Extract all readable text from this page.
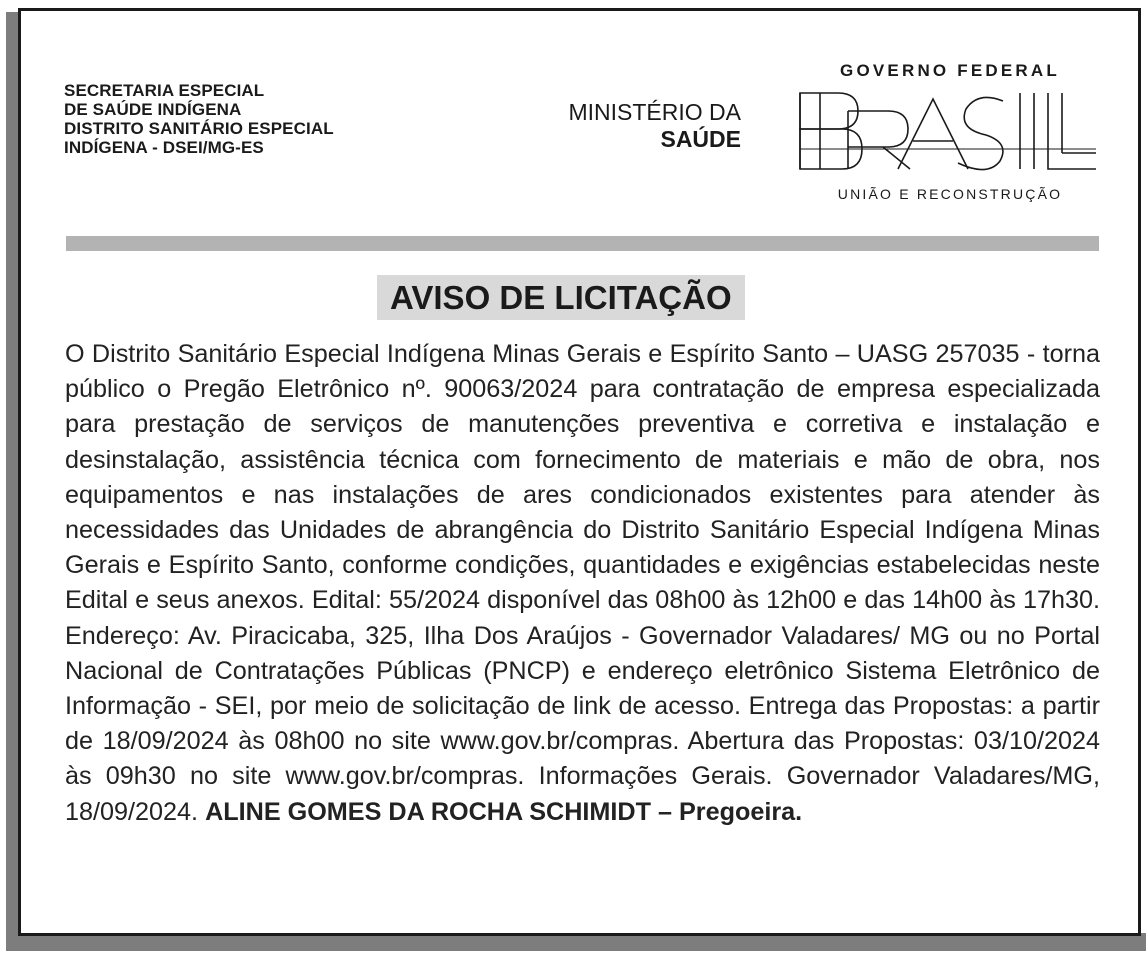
SECRETARIA ESPECIAL
DE SAÚDE INDÍGENA
DISTRITO SANITÁRIO ESPECIAL
INDÍGENA - DSEI/MG-ES
MINISTÉRIO DA
SAÚDE
GOVERNO FEDERAL
UNIÃO E RECONSTRUÇÃO
AVISO DE LICITAÇÃO
O Distrito Sanitário Especial Indígena Minas Gerais e Espírito Santo – UASG 257035 - torna público o Pregão Eletrônico nº. 90063/2024 para contratação de empresa especializada para prestação de serviços de manutenções preventiva e corretiva e instalação e desinstalação, assistência técnica com fornecimento de materiais e mão de obra, nos equipamentos e nas instalações de ares condicionados existentes para atender às necessidades das Unidades de abrangência do Distrito Sanitário Especial Indígena Minas Gerais e Espírito Santo, conforme condições, quantidades e exigências estabelecidas neste Edital e seus anexos. Edital: 55/2024 disponível das 08h00 às 12h00 e das 14h00 às 17h30. Endereço: Av. Piracicaba, 325, Ilha Dos Araújos - Governador Valadares/ MG ou no Portal Nacional de Contratações Públicas (PNCP) e endereço eletrônico Sistema Eletrônico de Informação - SEI, por meio de solicitação de link de acesso. Entrega das Propostas: a partir de 18/09/2024 às 08h00 no site www.gov.br/compras. Abertura das Propostas: 03/10/2024 às 09h30 no site www.gov.br/compras. Informações Gerais. Governador Valadares/MG, 18/09/2024. ALINE GOMES DA ROCHA SCHIMIDT – Pregoeira.
